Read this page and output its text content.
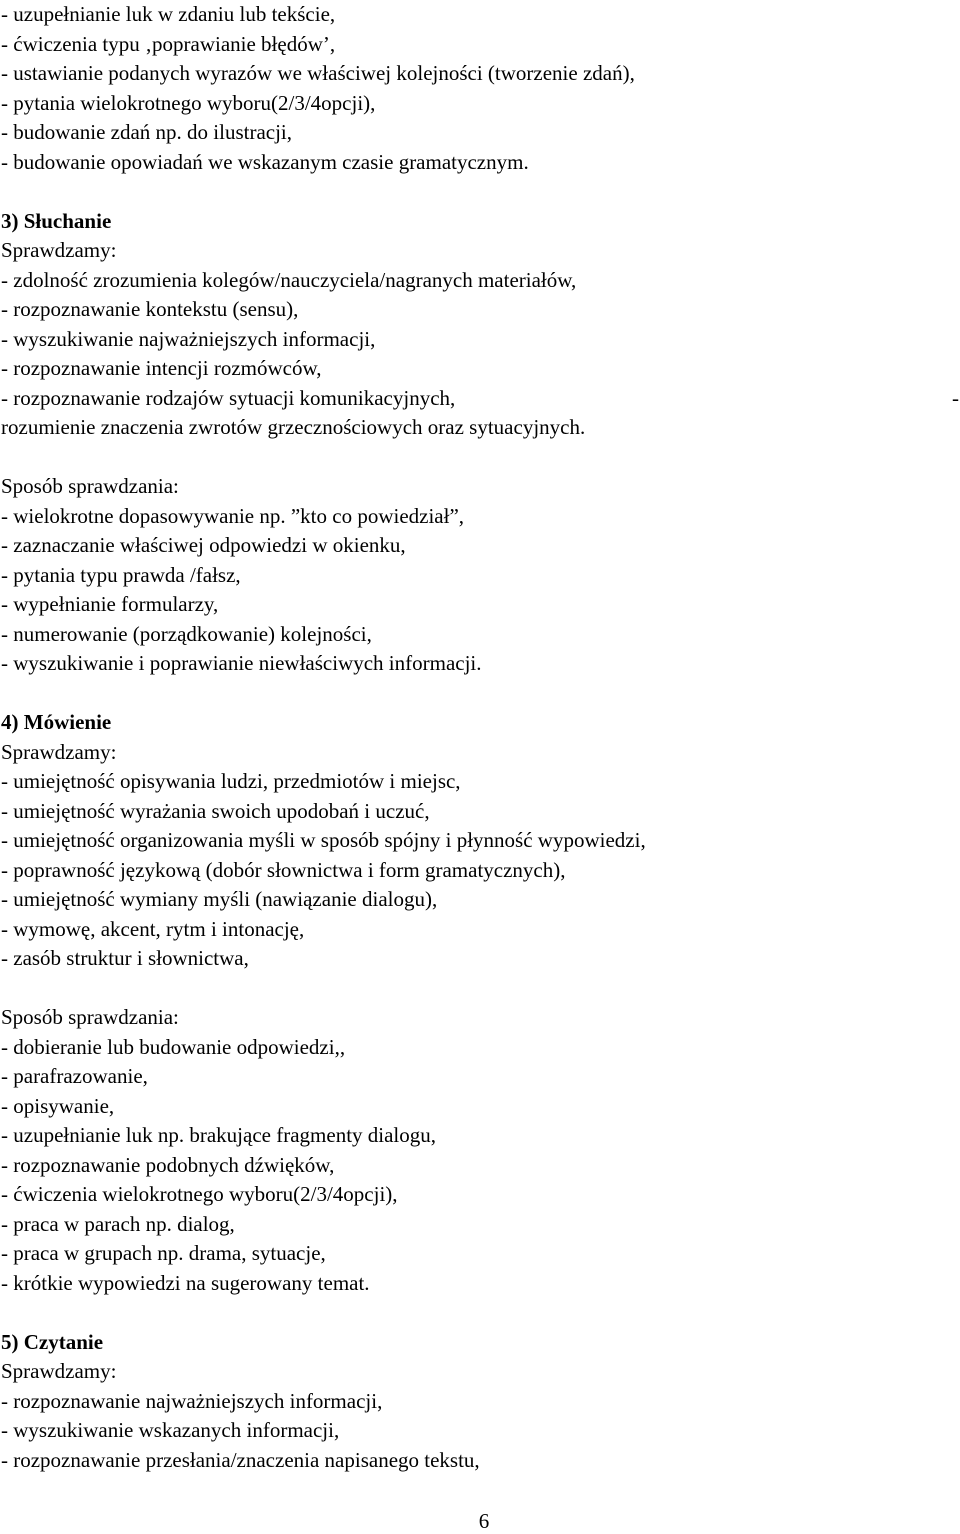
- uzupełnianie luk w zdaniu lub tekście,

- ćwiczenia typu ‚poprawianie błędów’,

- ustawianie podanych wyrazów we właściwej kolejności (tworzenie zdań),

- pytania wielokrotnego wyboru(2/3/4opcji),

- budowanie zdań np. do ilustracji,

- budowanie opowiadań we wskazanym czasie gramatycznym.

3) Słuchanie

Sprawdzamy:

- zdolność zrozumienia kolegów/nauczyciela/nagranych materiałów,

- rozpoznawanie kontekstu (sensu),

- wyszukiwanie najważniejszych informacji,

- rozpoznawanie intencji rozmówców,

- rozpoznawanie rodzajów sytuacji komunikacyjnych,	-

rozumienie znaczenia zwrotów grzecznościowych oraz sytuacyjnych.

Sposób sprawdzania:

- wielokrotne dopasowywanie np. ”kto co powiedział”,

- zaznaczanie właściwej odpowiedzi w okienku,

- pytania typu prawda /fałsz,

- wypełnianie formularzy,

- numerowanie (porządkowanie) kolejności,

- wyszukiwanie i poprawianie niewłaściwych informacji.

4) Mówienie

Sprawdzamy:

- umiejętność opisywania ludzi, przedmiotów i miejsc,

- umiejętność wyrażania swoich upodobań i uczuć,

- umiejętność organizowania myśli w sposób spójny i płynność wypowiedzi,

- poprawność językową (dobór słownictwa i form gramatycznych),

- umiejętność wymiany myśli (nawiązanie dialogu),

- wymowę, akcent, rytm i intonację,

- zasób struktur i słownictwa,

Sposób sprawdzania:

- dobieranie lub budowanie odpowiedzi,,

- parafrazowanie,

- opisywanie,

- uzupełnianie luk np. brakujące fragmenty dialogu,

- rozpoznawanie podobnych dźwięków,

- ćwiczenia wielokrotnego wyboru(2/3/4opcji),

- praca w parach np. dialog,

- praca w grupach np. drama, sytuacje,

- krótkie wypowiedzi na sugerowany temat.

5) Czytanie

Sprawdzamy:

- rozpoznawanie najważniejszych informacji,

- wyszukiwanie wskazanych informacji,

- rozpoznawanie przesłania/znaczenia napisanego tekstu,

6
